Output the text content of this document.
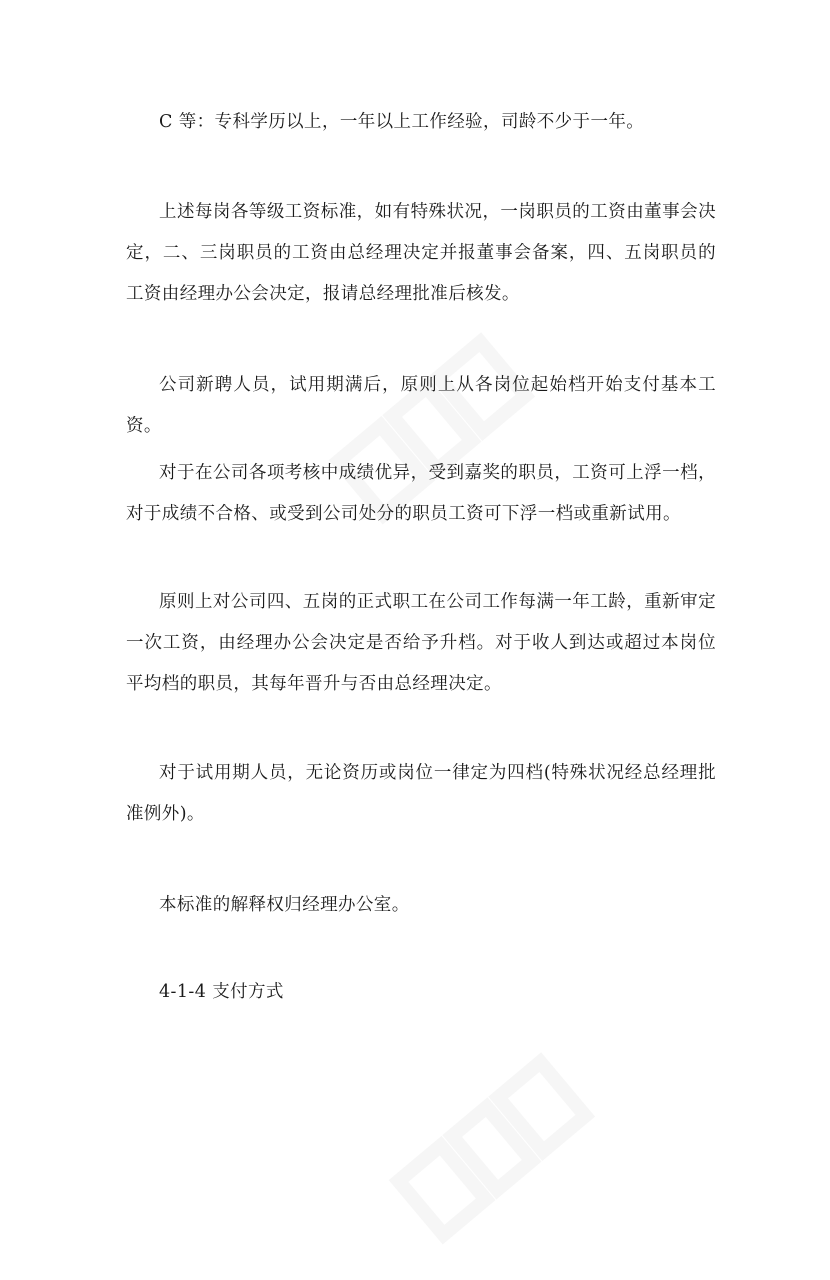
C 等：专科学历以上，一年以上工作经验，司龄不少于一年。

上述每岗各等级工资标准，如有特殊状况，一岗职员的工资由董事会决定，二、三岗职员的工资由总经理决定并报董事会备案，四、五岗职员的工资由经理办公会决定，报请总经理批准后核发。

公司新聘人员，试用期满后，原则上从各岗位起始档开始支付基本工资。

对于在公司各项考核中成绩优异，受到嘉奖的职员，工资可上浮一档，对于成绩不合格、或受到公司处分的职员工资可下浮一档或重新试用。

原则上对公司四、五岗的正式职工在公司工作每满一年工龄，重新审定一次工资，由经理办公会决定是否给予升档。对于收人到达或超过本岗位平均档的职员，其每年晋升与否由总经理决定。

对于试用期人员，无论资历或岗位一律定为四档(特殊状况经总经理批准例外)。

本标准的解释权归经理办公室。

4-1-4 支付方式
